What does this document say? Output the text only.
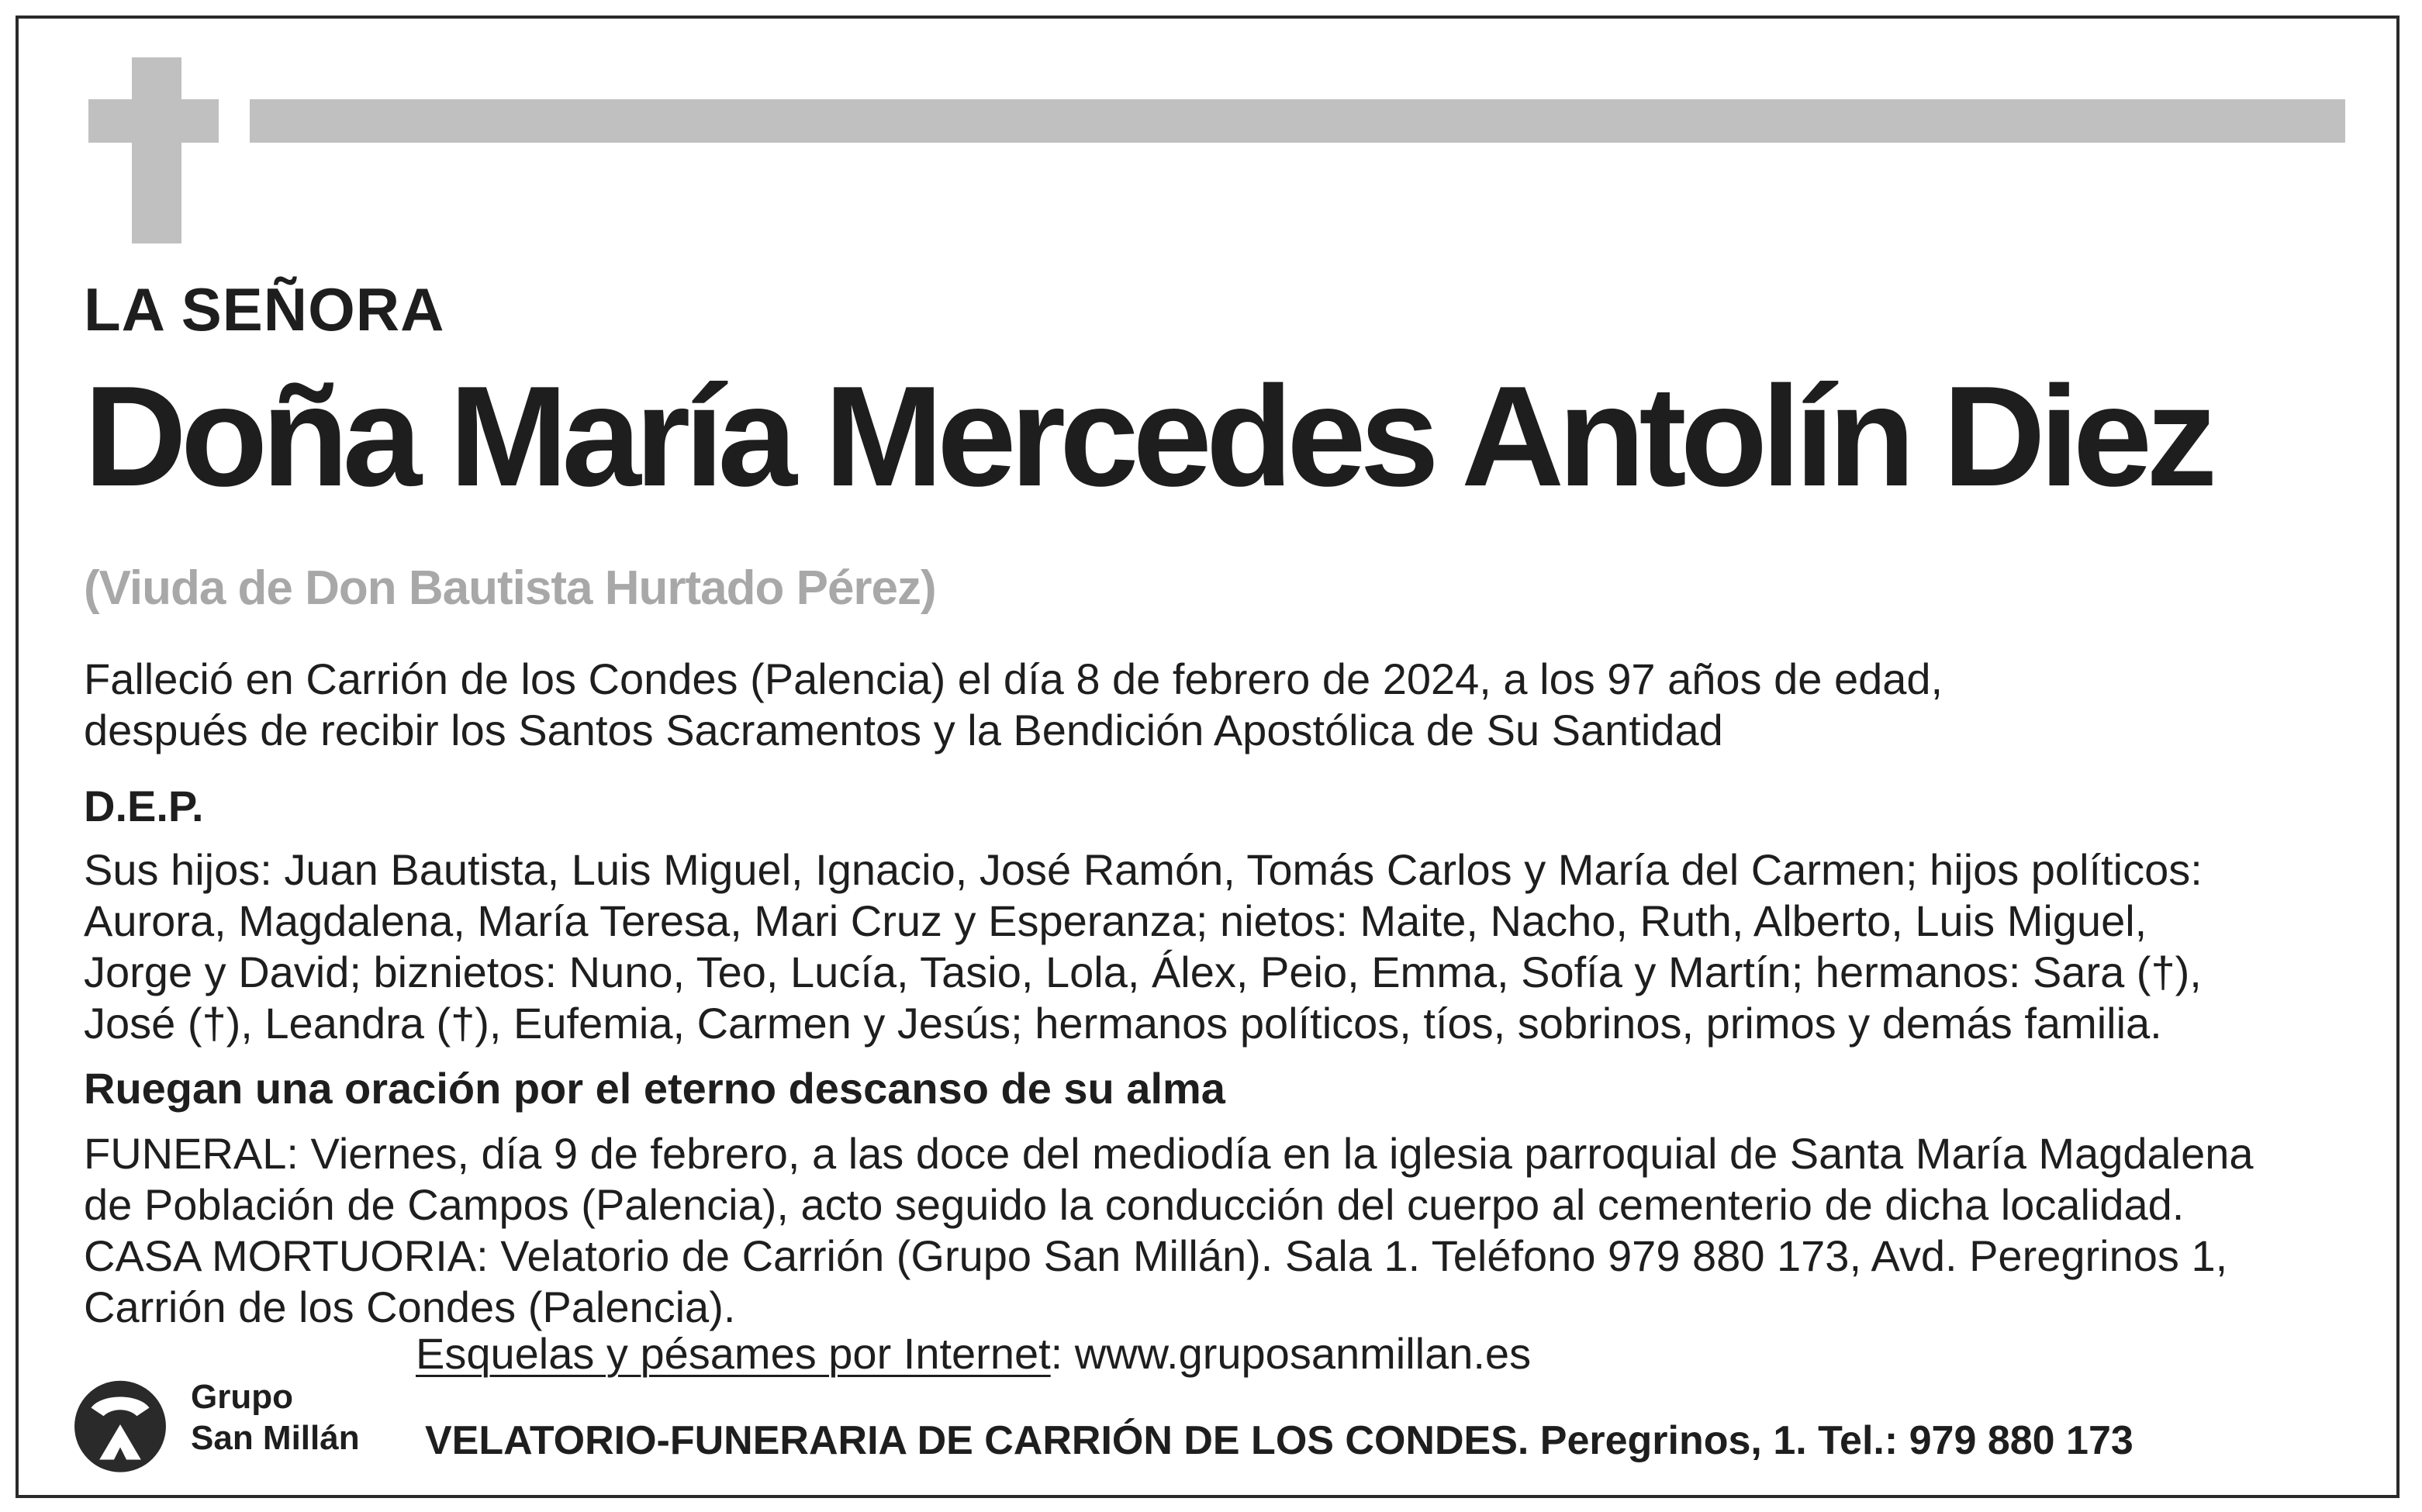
LA SEÑORA
Doña María Mercedes Antolín Diez
(Viuda de Don Bautista Hurtado Pérez)
Falleció en Carrión de los Condes (Palencia) el día 8 de febrero de 2024, a los 97 años de edad,
después de recibir los Santos Sacramentos y la Bendición Apostólica de Su Santidad
D.E.P.
Sus hijos: Juan Bautista, Luis Miguel, Ignacio, José Ramón, Tomás Carlos y María del Carmen; hijos políticos:
Aurora, Magdalena, María Teresa, Mari Cruz y Esperanza; nietos: Maite, Nacho, Ruth, Alberto, Luis Miguel,
Jorge y David; biznietos: Nuno, Teo, Lucía, Tasio, Lola, Álex, Peio, Emma, Sofía y Martín; hermanos: Sara (†),
José (†), Leandra (†), Eufemia, Carmen y Jesús; hermanos políticos, tíos, sobrinos, primos y demás familia.
Ruegan una oración por el eterno descanso de su alma
FUNERAL: Viernes, día 9 de febrero, a las doce del mediodía en la iglesia parroquial de Santa María Magdalena
de Población de Campos (Palencia), acto seguido la conducción del cuerpo al cementerio de dicha localidad.
CASA MORTUORIA: Velatorio de Carrión (Grupo San Millán). Sala 1. Teléfono 979 880 173, Avd. Peregrinos 1,
Carrión de los Condes (Palencia).
Esquelas y pésames por Internet: www.gruposanmillan.es
Grupo
San Millán VELATORIO-FUNERARIA DE CARRIÓN DE LOS CONDES. Peregrinos, 1. Tel.: 979 880 173
